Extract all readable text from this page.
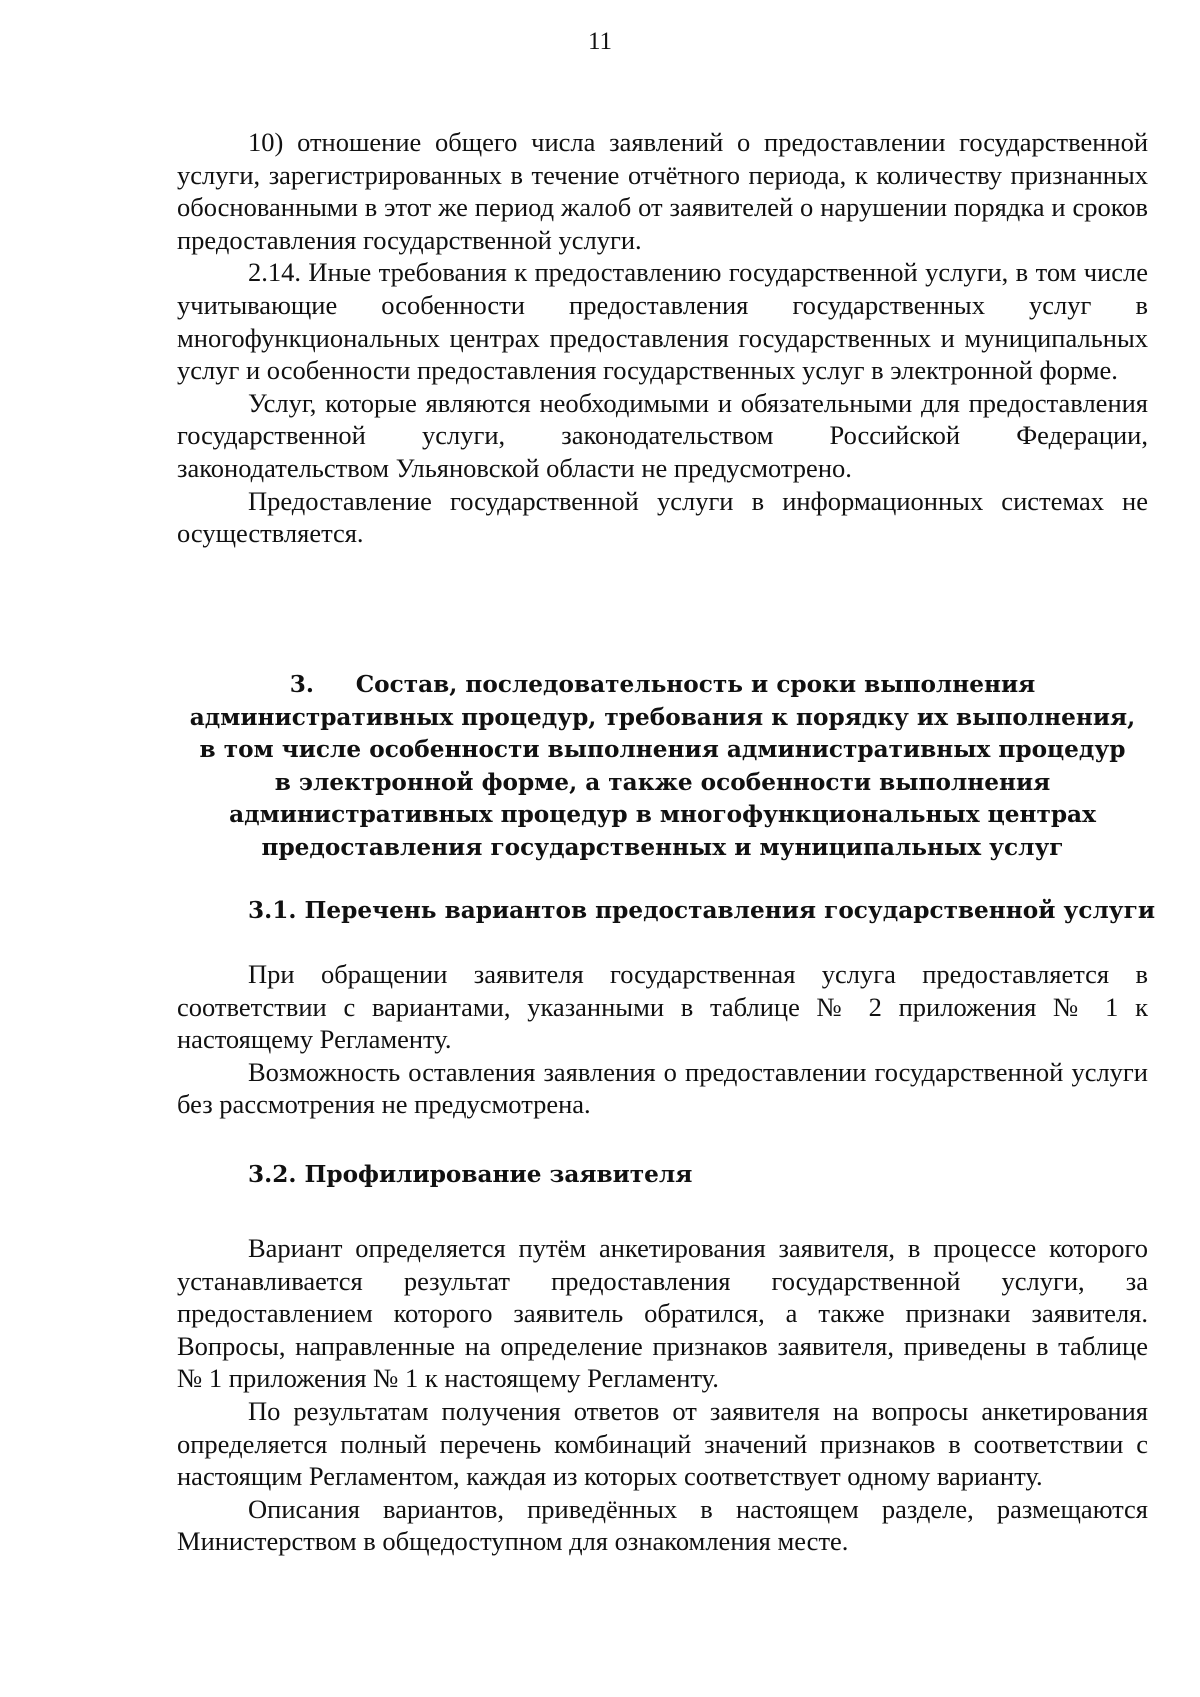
11

10) отношение общего числа заявлений о предоставлении государственной услуги, зарегистрированных в течение отчётного периода, к количеству признанных обоснованными в этот же период жалоб от заявителей о нарушении порядка и сроков предоставления государственной услуги.

2.14. Иные требования к предоставлению государственной услуги, в том числе учитывающие особенности предоставления государственных услуг в многофункциональных центрах предоставления государственных и муниципальных услуг и особенности предоставления государственных услуг в электронной форме.

Услуг, которые являются необходимыми и обязательными для предоставления государственной услуги, законодательством Российской Федерации, законодательством Ульяновской области не предусмотрено.

Предоставление государственной услуги в информационных системах не осуществляется.

3. Состав, последовательность и сроки выполнения
административных процедур, требования к порядку их выполнения,
в том числе особенности выполнения административных процедур
в электронной форме, а также особенности выполнения
административных процедур в многофункциональных центрах
предоставления государственных и муниципальных услуг
3.1. Перечень вариантов предоставления государственной услуги

При обращении заявителя государственная услуга предоставляется в соответствии с вариантами, указанными в таблице № 2 приложения № 1 к настоящему Регламенту.

Возможность оставления заявления о предоставлении государственной услуги без рассмотрения не предусмотрена.

3.2. Профилирование заявителя

Вариант определяется путём анкетирования заявителя, в процессе которого устанавливается результат предоставления государственной услуги, за предоставлением которого заявитель обратился, а также признаки заявителя. Вопросы, направленные на определение признаков заявителя, приведены в таблице № 1 приложения № 1 к настоящему Регламенту.

По результатам получения ответов от заявителя на вопросы анкетирования определяется полный перечень комбинаций значений признаков в соответствии с настоящим Регламентом, каждая из которых соответствует одному варианту.

Описания вариантов, приведённых в настоящем разделе, размещаются Министерством в общедоступном для ознакомления месте.
